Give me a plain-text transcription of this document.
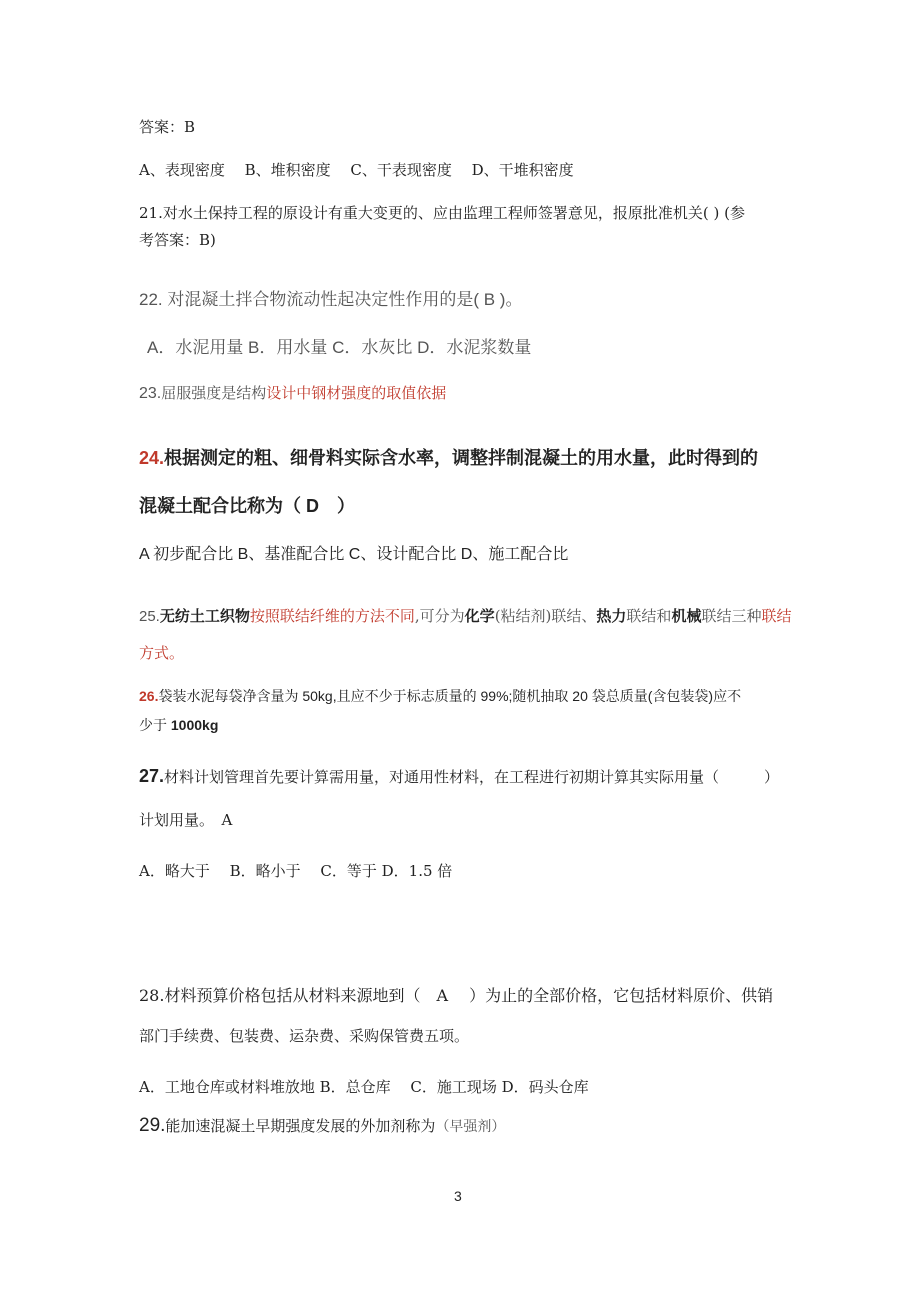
答案：B
A、表现密度　 B、堆积密度　 C、干表现密度　 D、干堆积密度
21.对水土保持工程的原设计有重大变更的、应由监理工程师签署意见，报原批准机关( ) (参
考答案：B)
22. 对混凝土拌合物流动性起决定性作用的是( B )。
A．水泥用量 B．用水量 C．水灰比 D．水泥浆数量
23.屈服强度是结构设计中钢材强度的取值依据
24.根据测定的粗、细骨料实际含水率，调整拌制混凝土的用水量，此时得到的
混凝土配合比称为（ D　）
A 初步配合比 B、基准配合比 C、设计配合比 D、施工配合比
25.无纺土工织物按照联结纤维的方法不同,可分为化学(粘结剂)联结、热力联结和机械联结三种联结
方式。
26.袋装水泥每袋净含量为 50kg,且应不少于标志质量的 99%;随机抽取 20 袋总质量(含包装袋)应不
少于 1000kg
27.材料计划管理首先要计算需用量，对通用性材料，在工程进行初期计算其实际用量（　　　）
计划用量。　A
A．略大于　 B．略小于　 C．等于 D．1.5 倍
28.材料预算价格包括从材料来源地到（　A　 ）为止的全部价格，它包括材料原价、供销
部门手续费、包装费、运杂费、采购保管费五项。
A．工地仓库或材料堆放地 B．总仓库　 C．施工现场 D．码头仓库
29.能加速混凝土早期强度发展的外加剂称为（早强剂）
3
